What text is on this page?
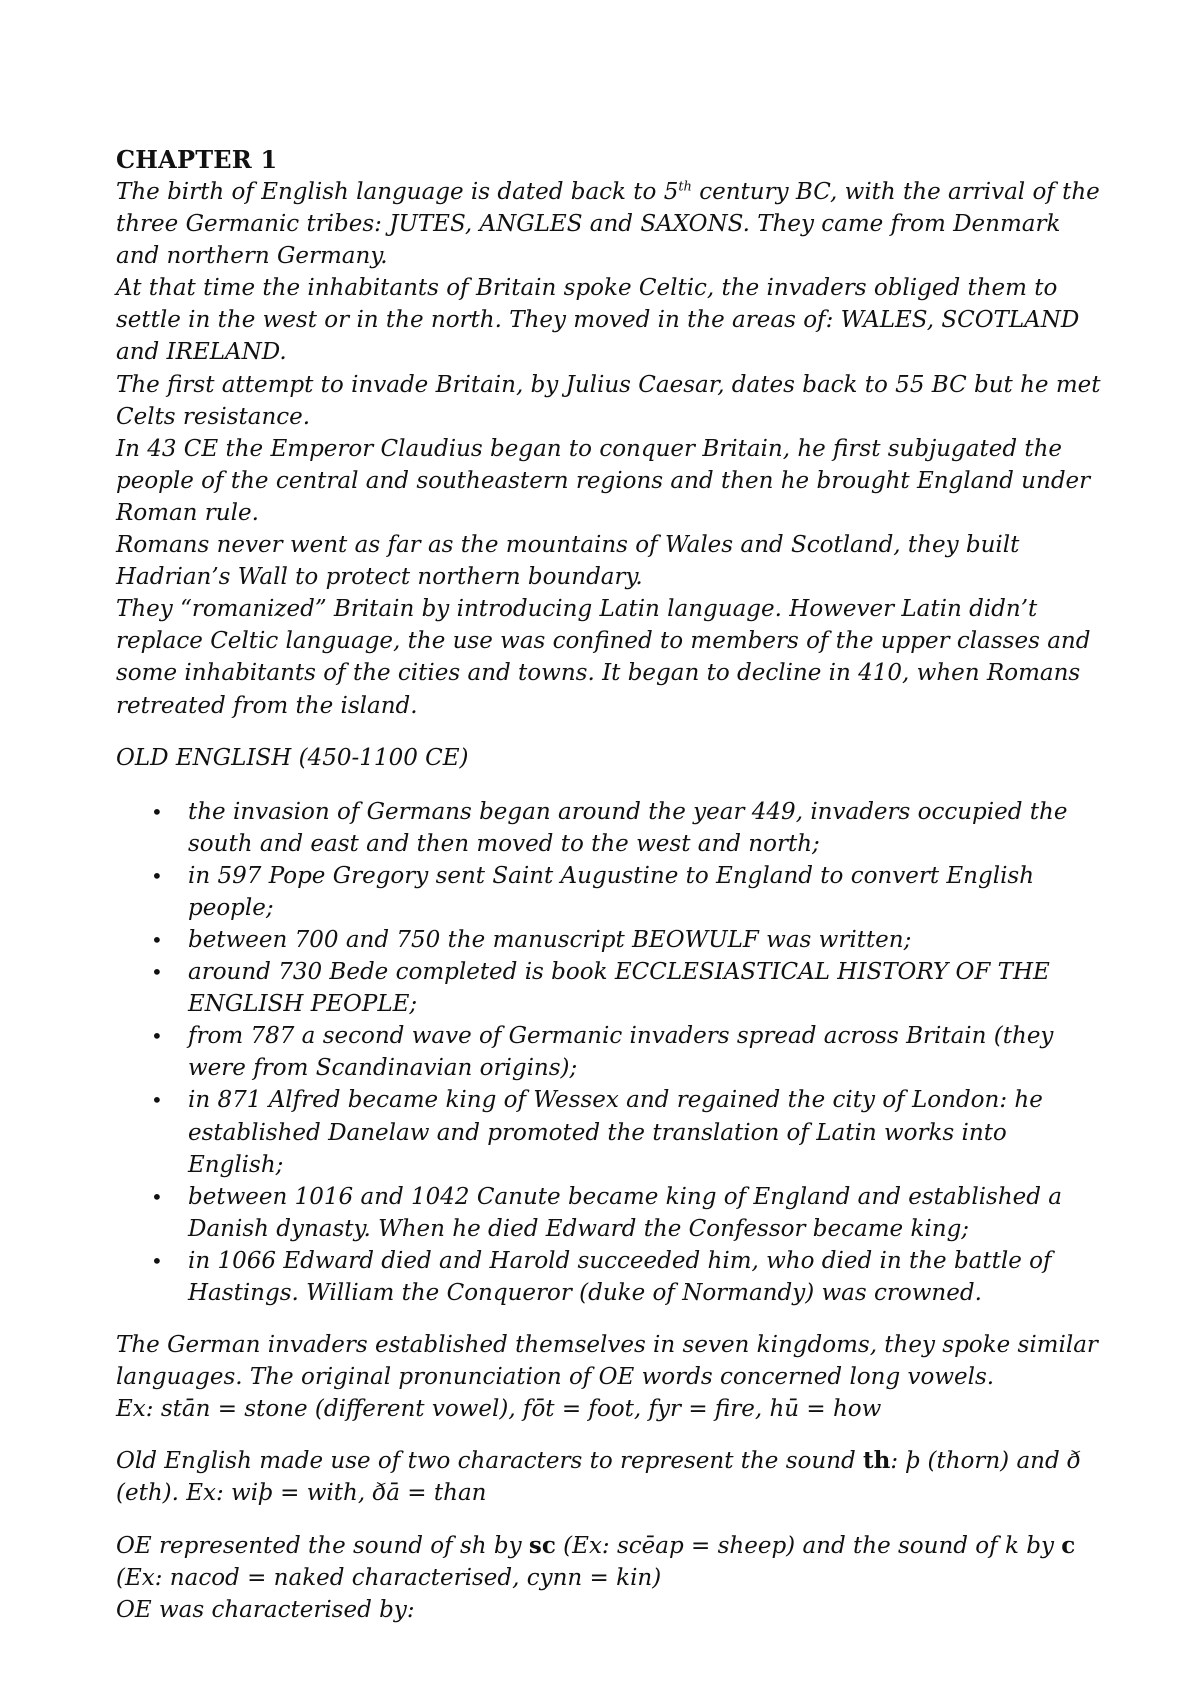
CHAPTER 1

The birth of English language is dated back to 5th century BC, with the arrival of the three Germanic tribes: JUTES, ANGLES and SAXONS. They came from Denmark and northern Germany.

At that time the inhabitants of Britain spoke Celtic, the invaders obliged them to settle in the west or in the north. They moved in the areas of: WALES, SCOTLAND and IRELAND.

The first attempt to invade Britain, by Julius Caesar, dates back to 55 BC but he met Celts resistance.

In 43 CE the Emperor Claudius began to conquer Britain, he first subjugated the people of the central and southeastern regions and then he brought England under Roman rule.

Romans never went as far as the mountains of Wales and Scotland, they built Hadrian’s Wall to protect northern boundary.

They “romanized” Britain by introducing Latin language. However Latin didn’t replace Celtic language, the use was confined to members of the upper classes and some inhabitants of the cities and towns. It began to decline in 410, when Romans retreated from the island.

OLD ENGLISH (450-1100 CE)

• the invasion of Germans began around the year 449, invaders occupied the south and east and then moved to the west and north;
• in 597 Pope Gregory sent Saint Augustine to England to convert English people;
• between 700 and 750 the manuscript BEOWULF was written;
• around 730 Bede completed is book ECCLESIASTICAL HISTORY OF THE ENGLISH PEOPLE;
• from 787 a second wave of Germanic invaders spread across Britain (they were from Scandinavian origins);
• in 871 Alfred became king of Wessex and regained the city of London: he established Danelaw and promoted the translation of Latin works into English;
• between 1016 and 1042 Canute became king of England and established a Danish dynasty. When he died Edward the Confessor became king;
• in 1066 Edward died and Harold succeeded him, who died in the battle of Hastings. William the Conqueror (duke of Normandy) was crowned.

The German invaders established themselves in seven kingdoms, they spoke similar languages. The original pronunciation of OE words concerned long vowels.

Ex: stān = stone (different vowel), fōt = foot, fyr = fire, hū = how

Old English made use of two characters to represent the sound th: þ (thorn) and ð (eth). Ex: wiþ = with, ðā = than

OE represented the sound of sh by sc (Ex: scēap = sheep) and the sound of k by c (Ex: nacod = naked characterised, cynn = kin)

OE was characterised by:
